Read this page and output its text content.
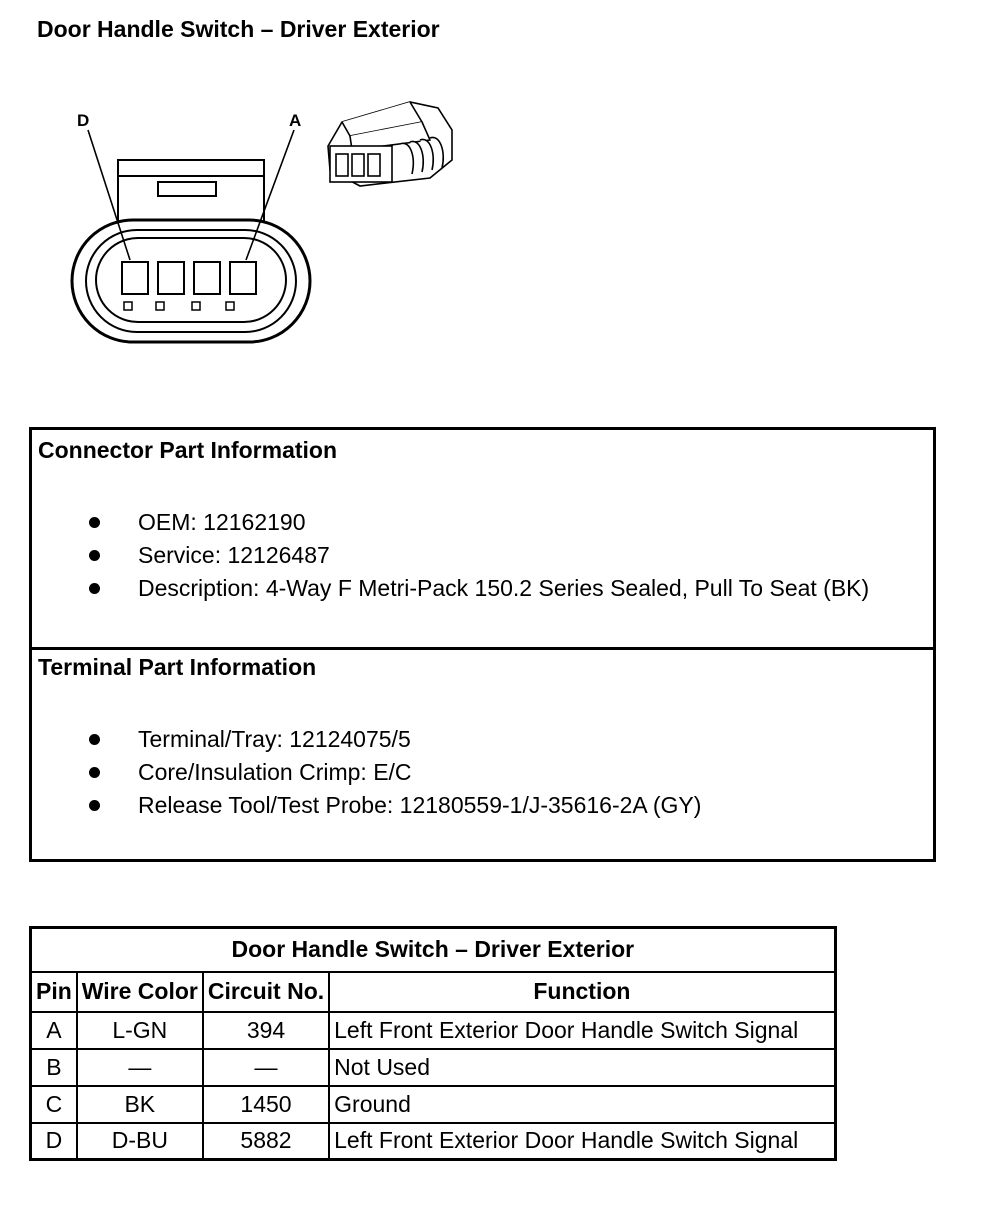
Door Handle Switch – Driver Exterior
D	A
Connector Part Information
OEM: 12162190
Service: 12126487
Description: 4-Way F Metri-Pack 150.2 Series Sealed, Pull To Seat (BK)
Terminal Part Information
Terminal/Tray: 12124075/5
Core/Insulation Crimp: E/C
Release Tool/Test Probe: 12180559-1/J-35616-2A (GY)
Door Handle Switch – Driver Exterior			
Pin	Wire Color	Circuit No.	Function
A	L-GN	394	Left Front Exterior Door Handle Switch Signal
B	—	—	Not Used
C	BK	1450	Ground
D	D-BU	5882	Left Front Exterior Door Handle Switch Signal
